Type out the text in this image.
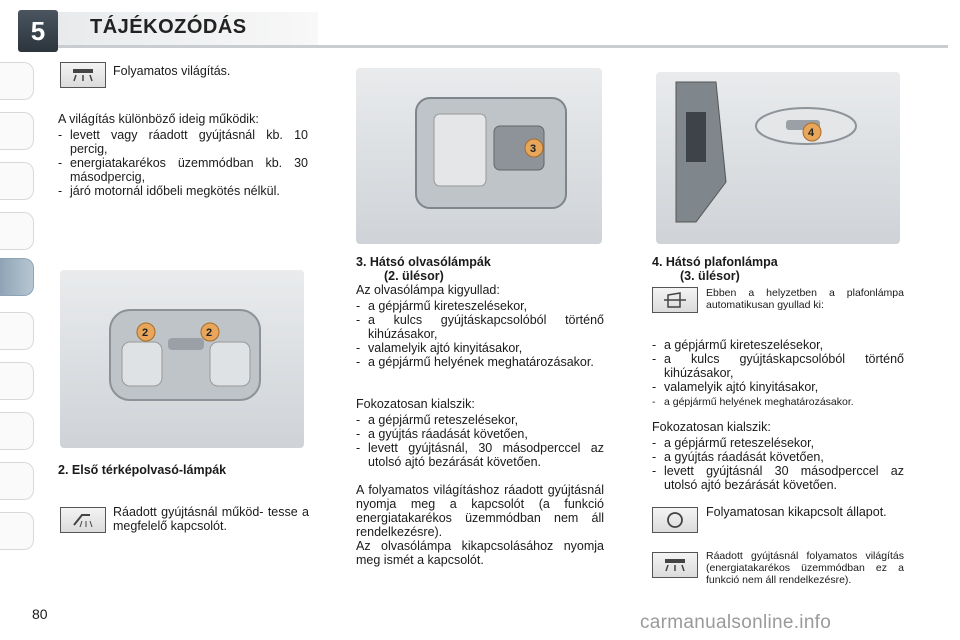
5	TÁJÉKOZÓDÁS
Folyamatos világítás.
A világítás különböző ideig működik:
- levett vagy ráadott gyújtásnál kb. 10 percig,
- energiatakarékos üzemmódban kb. 30 másodpercig,
- járó motornál időbeli megkötés nélkül.
2	2
2. Első térképolvasó-lámpák
Ráadott gyújtásnál működ- tesse a megfelelő kapcsolót.
3
3. Hátsó olvasólámpák
(2. ülésor)
Az olvasólámpa kigyullad:
- a gépjármű kireteszelésekor,
- a kulcs gyújtáskapcsolóból történő kihúzásakor,
- valamelyik ajtó kinyitásakor,
- a gépjármű helyének meghatározásakor.
Fokozatosan kialszik:
- a gépjármű reteszelésekor,
- a gyújtás ráadását követően,
- levett gyújtásnál, 30 másodperccel az utolsó ajtó bezárását követően.
A folyamatos világításhoz ráadott gyújtásnál nyomja meg a kapcsolót (a funkció energiatakarékos üzemmódban nem áll rendelkezésre).
Az olvasólámpa kikapcsolásához nyomja meg ismét a kapcsolót.
4
4. Hátsó plafonlámpa
(3. ülésor)
Ebben a helyzetben a plafonlámpa automatikusan gyullad ki:
- a gépjármű kireteszelésekor,
- a kulcs gyújtáskapcsolóból történő kihúzásakor,
- valamelyik ajtó kinyitásakor,
- a gépjármű helyének meghatározásakor.
Fokozatosan kialszik:
- a gépjármű reteszelésekor,
- a gyújtás ráadását követően,
- levett gyújtásnál 30 másodperccel az utolsó ajtó bezárását követően.
Folyamatosan kikapcsolt állapot.
Ráadott gyújtásnál folyamatos világítás (energiatakarékos üzemmódban ez a funkció nem áll rendelkezésre).
80	carmanualsonline.info
